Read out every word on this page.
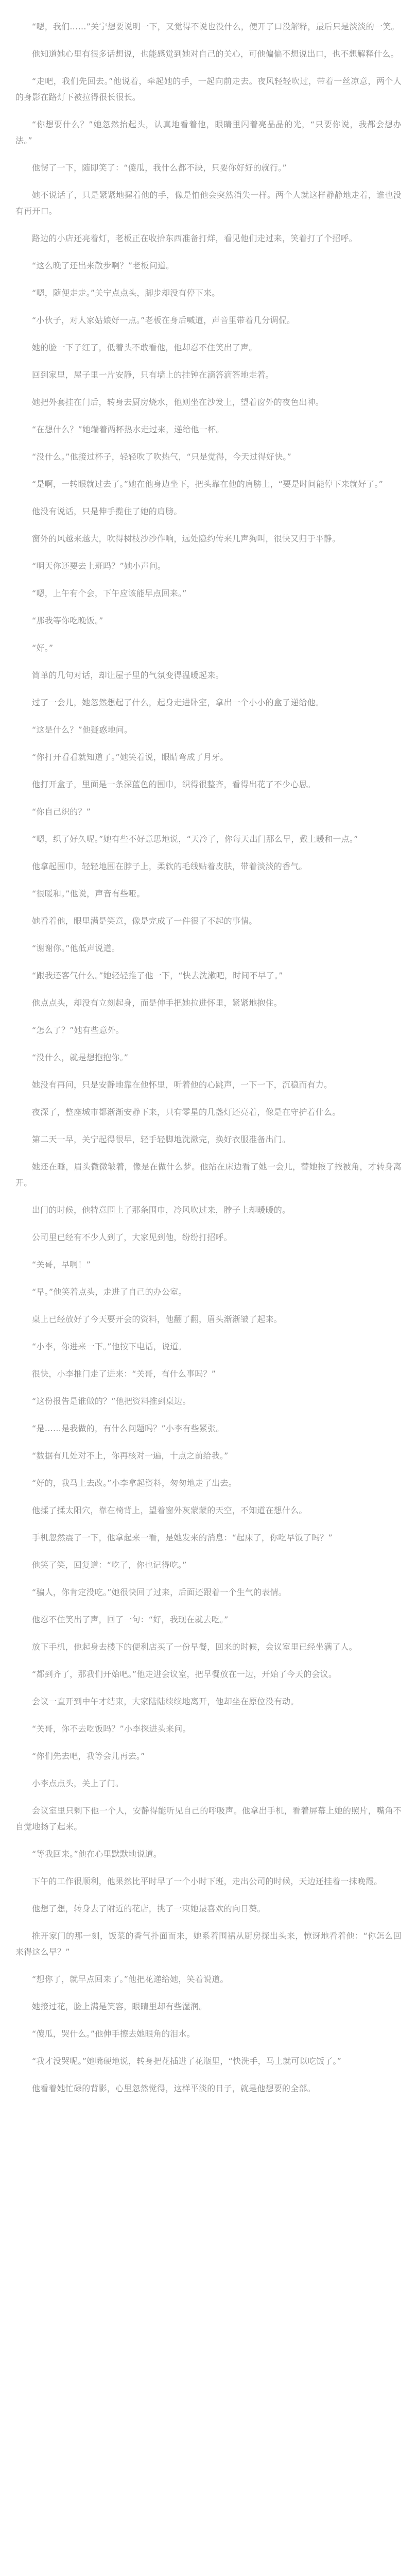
“嗯，我们……”关宁想要说明一下，又觉得不说也没什么，便开了口没解释，最后只是淡淡的一笑。

他知道她心里有很多话想说，也能感觉到她对自己的关心，可他偏偏不想说出口，也不想解释什么。

“走吧，我们先回去。”他说着，牵起她的手，一起向前走去。夜风轻轻吹过，带着一丝凉意，两个人的身影在路灯下被拉得很长很长。

“你想要什么？”她忽然抬起头，认真地看着他，眼睛里闪着亮晶晶的光，“只要你说，我都会想办法。”

他愣了一下，随即笑了：“傻瓜，我什么都不缺，只要你好好的就行。”

她不说话了，只是紧紧地握着他的手，像是怕他会突然消失一样。两个人就这样静静地走着，谁也没有再开口。

路边的小店还亮着灯，老板正在收拾东西准备打烊，看见他们走过来，笑着打了个招呼。

“这么晚了还出来散步啊？”老板问道。

“嗯，随便走走。”关宁点点头，脚步却没有停下来。

“小伙子，对人家姑娘好一点。”老板在身后喊道，声音里带着几分调侃。

她的脸一下子红了，低着头不敢看他，他却忍不住笑出了声。

回到家里，屋子里一片安静，只有墙上的挂钟在滴答滴答地走着。

她把外套挂在门后，转身去厨房烧水，他则坐在沙发上，望着窗外的夜色出神。

“在想什么？”她端着两杯热水走过来，递给他一杯。

“没什么。”他接过杯子，轻轻吹了吹热气，“只是觉得，今天过得好快。”

“是啊，一转眼就过去了。”她在他身边坐下，把头靠在他的肩膀上，“要是时间能停下来就好了。”

他没有说话，只是伸手揽住了她的肩膀。

窗外的风越来越大，吹得树枝沙沙作响，远处隐约传来几声狗叫，很快又归于平静。

“明天你还要去上班吗？”她小声问。

“嗯，上午有个会，下午应该能早点回来。”

“那我等你吃晚饭。”

“好。”

简单的几句对话，却让屋子里的气氛变得温暖起来。

过了一会儿，她忽然想起了什么，起身走进卧室，拿出一个小小的盒子递给他。

“这是什么？”他疑惑地问。

“你打开看看就知道了。”她笑着说，眼睛弯成了月牙。

他打开盒子，里面是一条深蓝色的围巾，织得很整齐，看得出花了不少心思。

“你自己织的？”

“嗯，织了好久呢。”她有些不好意思地说，“天冷了，你每天出门那么早，戴上暖和一点。”

他拿起围巾，轻轻地围在脖子上，柔软的毛线贴着皮肤，带着淡淡的香气。

“很暖和。”他说，声音有些哑。

她看着他，眼里满是笑意，像是完成了一件很了不起的事情。

“谢谢你。”他低声说道。

“跟我还客气什么。”她轻轻推了他一下，“快去洗漱吧，时间不早了。”

他点点头，却没有立刻起身，而是伸手把她拉进怀里，紧紧地抱住。

“怎么了？”她有些意外。

“没什么，就是想抱抱你。”

她没有再问，只是安静地靠在他怀里，听着他的心跳声，一下一下，沉稳而有力。

夜深了，整座城市都渐渐安静下来，只有零星的几盏灯还亮着，像是在守护着什么。

第二天一早，关宁起得很早，轻手轻脚地洗漱完，换好衣服准备出门。

她还在睡，眉头微微皱着，像是在做什么梦。他站在床边看了她一会儿，替她掖了掖被角，才转身离开。

出门的时候，他特意围上了那条围巾，冷风吹过来，脖子上却暖暖的。

公司里已经有不少人到了，大家见到他，纷纷打招呼。

“关哥，早啊！”

“早。”他笑着点头，走进了自己的办公室。

桌上已经放好了今天要开会的资料，他翻了翻，眉头渐渐皱了起来。

“小李，你进来一下。”他按下电话，说道。

很快，小李推门走了进来：“关哥，有什么事吗？”

“这份报告是谁做的？”他把资料推到桌边。

“是……是我做的，有什么问题吗？”小李有些紧张。

“数据有几处对不上，你再核对一遍，十点之前给我。”

“好的，我马上去改。”小李拿起资料，匆匆地走了出去。

他揉了揉太阳穴，靠在椅背上，望着窗外灰蒙蒙的天空，不知道在想什么。

手机忽然震了一下，他拿起来一看，是她发来的消息：“起床了，你吃早饭了吗？”

他笑了笑，回复道：“吃了，你也记得吃。”

“骗人，你肯定没吃。”她很快回了过来，后面还跟着一个生气的表情。

他忍不住笑出了声，回了一句：“好，我现在就去吃。”

放下手机，他起身去楼下的便利店买了一份早餐，回来的时候，会议室里已经坐满了人。

“都到齐了，那我们开始吧。”他走进会议室，把早餐放在一边，开始了今天的会议。

会议一直开到中午才结束，大家陆陆续续地离开，他却坐在原位没有动。

“关哥，你不去吃饭吗？”小李探进头来问。

“你们先去吧，我等会儿再去。”

小李点点头，关上了门。

会议室里只剩下他一个人，安静得能听见自己的呼吸声。他拿出手机，看着屏幕上她的照片，嘴角不自觉地扬了起来。

“等我回来。”他在心里默默地说道。

下午的工作很顺利，他果然比平时早了一个小时下班，走出公司的时候，天边还挂着一抹晚霞。

他想了想，转身去了附近的花店，挑了一束她最喜欢的向日葵。

推开家门的那一刻，饭菜的香气扑面而来，她系着围裙从厨房探出头来，惊讶地看着他：“你怎么回来得这么早？”

“想你了，就早点回来了。”他把花递给她，笑着说道。

她接过花，脸上满是笑容，眼睛里却有些湿润。

“傻瓜，哭什么。”他伸手擦去她眼角的泪水。

“我才没哭呢。”她嘴硬地说，转身把花插进了花瓶里，“快洗手，马上就可以吃饭了。”

他看着她忙碌的背影，心里忽然觉得，这样平淡的日子，就是他想要的全部。
